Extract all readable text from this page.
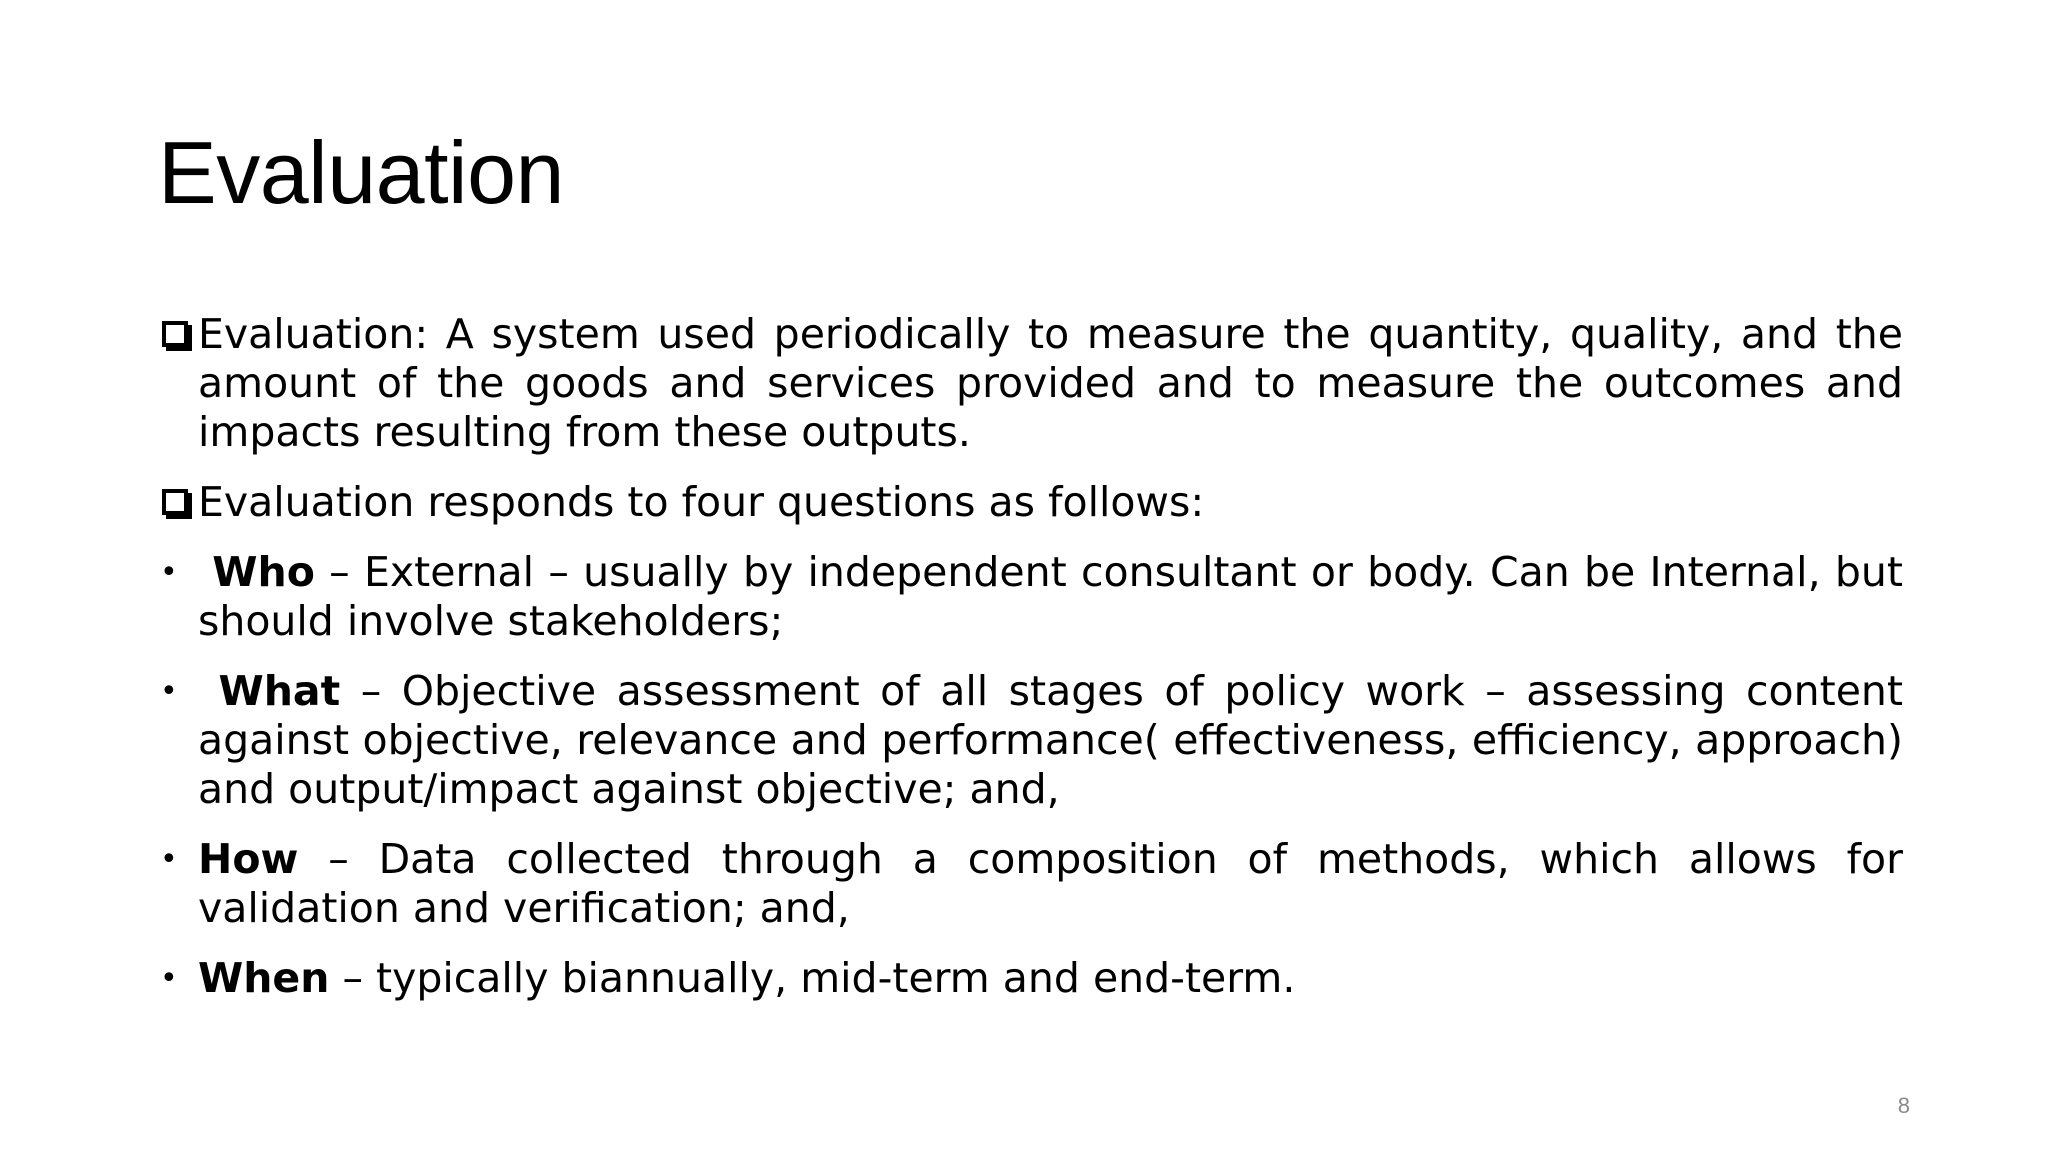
Evaluation
Evaluation: A system used periodically to measure the quantity, quality, and the amount of the goods and services provided and to measure the outcomes and impacts resulting from these outputs.
Evaluation responds to four questions as follows:
• Who – External – usually by independent consultant or body. Can be Internal, but should involve stakeholders;
• What – Objective assessment of all stages of policy work – assessing content against objective, relevance and performance( effectiveness, efficiency, approach) and output/impact against objective; and,
• How – Data collected through a composition of methods, which allows for validation and verification; and,
• When – typically biannually, mid-term and end-term.
8
